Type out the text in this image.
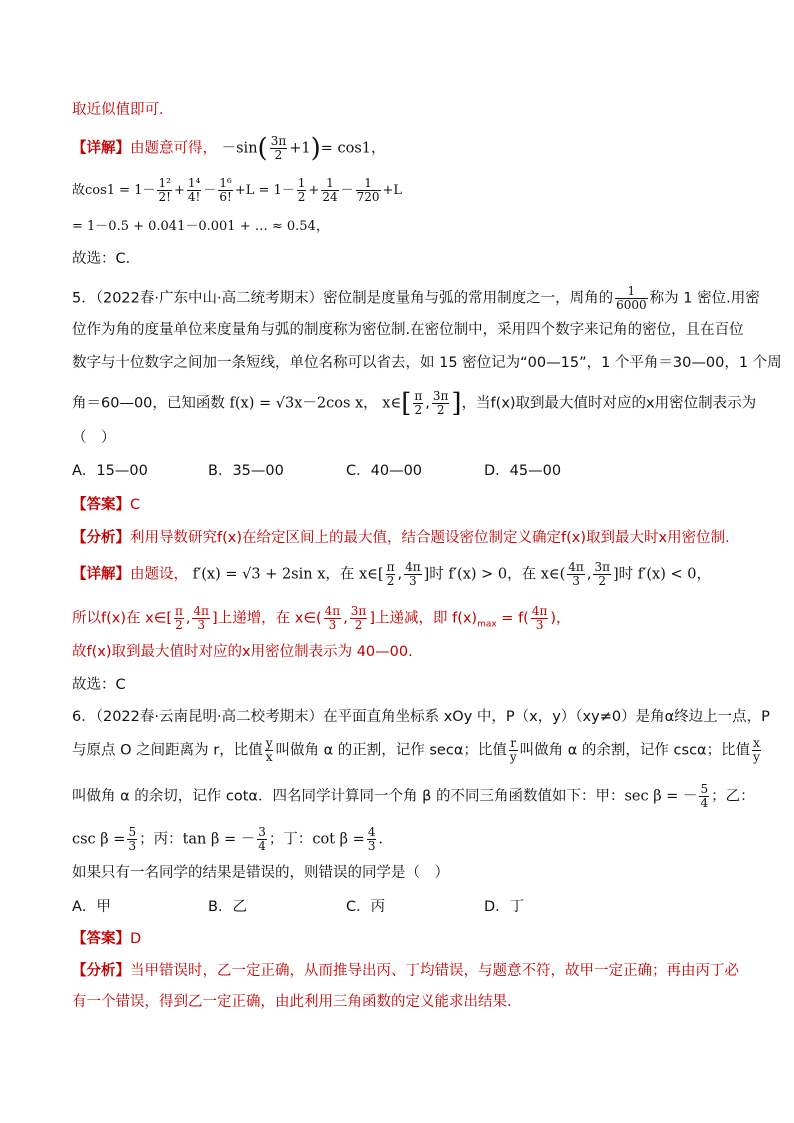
取近似值即可．
【详解】由题意可得， $-\sin( \frac{3\pi}{2} +1)= \cos 1$，
故$\cos 1 = 1- \frac{\text{1²}}{2!} + \frac{\text{1⁴}}{4!} - \frac{\text{1⁶}}{6!} +L = 1- \frac{1}{2} + \frac{1}{24} - \frac{1}{720} +L$
= 1－0.5 + 0.041－0.001 + … ≈ 0.54，
故选：C．
5．（2022春·广东中山·高二统考期末）密位制是度量角与弧的常用制度之一，周角的 $\frac{1}{6000}$ 称为 1 密位.用密
位作为角的度量单位来度量角与弧的制度称为密位制.在密位制中，采用四个数字来记角的密位，且在百位
数字与十位数字之间加一条短线，单位名称可以省去，如 15 密位记为“00—15”，1 个平角＝30—00，1 个周
角＝60—00，已知函数 f(x) = √3x－2cos x， x∈[ $\frac{\pi}{2}$ , $\frac{3\pi}{2}$ ]，当f(x)取到最大值时对应的x用密位制表示为
（　）
A．15—00	B．35—00	C．40—00	D．45—00
【答案】C
【分析】利用导数研究f(x)在给定区间上的最大值，结合题设密位制定义确定f(x)取到最大时x用密位制.
【详解】由题设， f′(x) = √3 + 2sin x，在 x∈[ $\frac{\pi}{2}$ , $\frac{4\pi}{3}$ ]时 f′(x) > 0，在 x∈( $\frac{4\pi}{3}$ , $\frac{3\pi}{2}$ ]时 f′(x) < 0，
所以f(x)在 x∈[ $\frac{\pi}{2}$ , $\frac{4\pi}{3}$ ]上递增，在 x∈( $\frac{4\pi}{3}$ , $\frac{3\pi}{2}$ ]上递减，即 $f(x)_{max} = f( \frac{4\pi}{3}$ )，
故f(x)取到最大值时对应的x用密位制表示为 40—00.
故选：C
6．（2022春·云南昆明·高二校考期末）在平面直角坐标系 xOy 中，P（x，y）（xy≠0）是角α终边上一点，P
与原点 O 之间距离为 r，比值 $\frac{y}{x}$ 叫做角 α 的正割，记作 secα；比值 $\frac{r}{y}$ 叫做角 α 的余割，记作 cscα；比值 $\frac{x}{y}$
叫做角 α 的余切，记作 cotα．四名同学计算同一个角 β 的不同三角函数值如下：甲：sec β = － $\frac{5}{4}$ ；乙：
$\csc \beta = \frac{5}{3}$ ；丙：tan β = － $\frac{3}{4}$ ；丁：$\cot \beta = \frac{4}{3}$ ．
如果只有一名同学的结果是错误的，则错误的同学是（　）
A．甲	B．乙	C．丙	D．丁
【答案】D
【分析】当甲错误时，乙一定正确，从而推导出丙、丁均错误，与题意不符，故甲一定正确；再由丙丁必
有一个错误，得到乙一定正确，由此利用三角函数的定义能求出结果．
